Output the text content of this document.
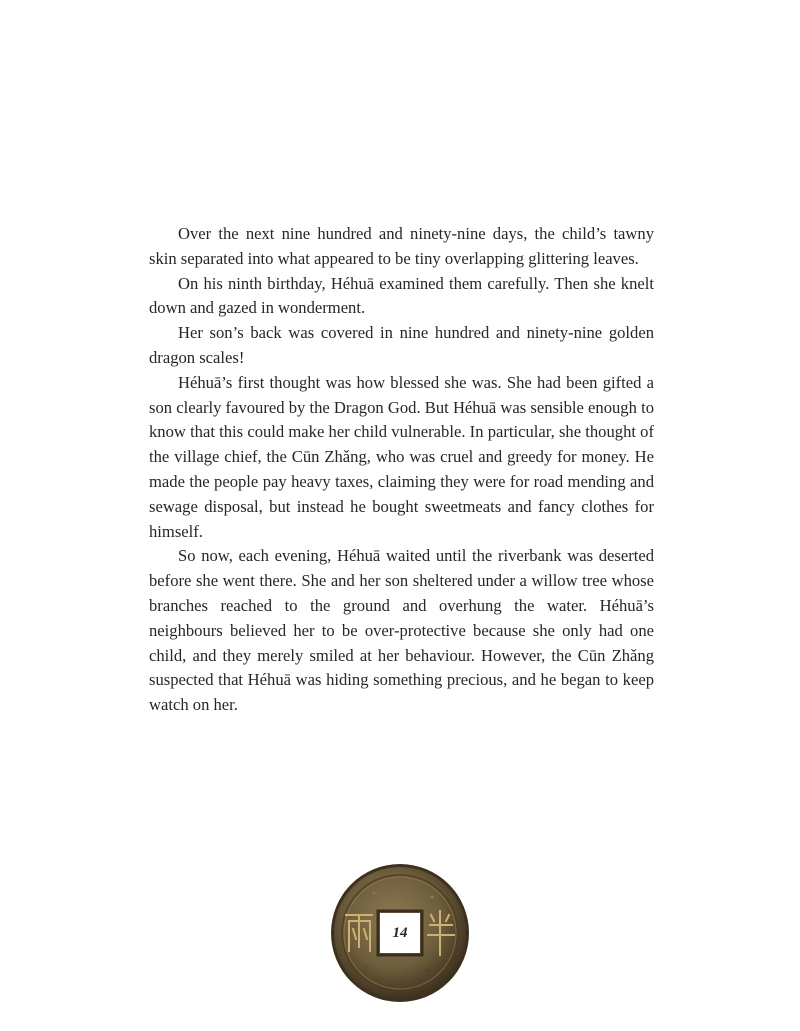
Over the next nine hundred and ninety-nine days, the child’s tawny skin separated into what appeared to be tiny overlapping glittering leaves.

On his ninth birthday, Héhuā examined them carefully. Then she knelt down and gazed in wonderment.

Her son’s back was covered in nine hundred and ninety-nine golden dragon scales!

Héhuā’s first thought was how blessed she was. She had been gifted a son clearly favoured by the Dragon God. But Héhuā was sensible enough to know that this could make her child vulnerable. In particular, she thought of the village chief, the Cūn Zhǎng, who was cruel and greedy for money. He made the people pay heavy taxes, claiming they were for road mending and sewage disposal, but instead he bought sweetmeats and fancy clothes for himself.

So now, each evening, Héhuā waited until the riverbank was deserted before she went there. She and her son sheltered under a willow tree whose branches reached to the ground and overhung the water. Héhuā’s neighbours believed her to be over-protective because she only had one child, and they merely smiled at her behaviour. However, the Cūn Zhǎng suspected that Héhuā was hiding something precious, and he began to keep watch on her.

14
